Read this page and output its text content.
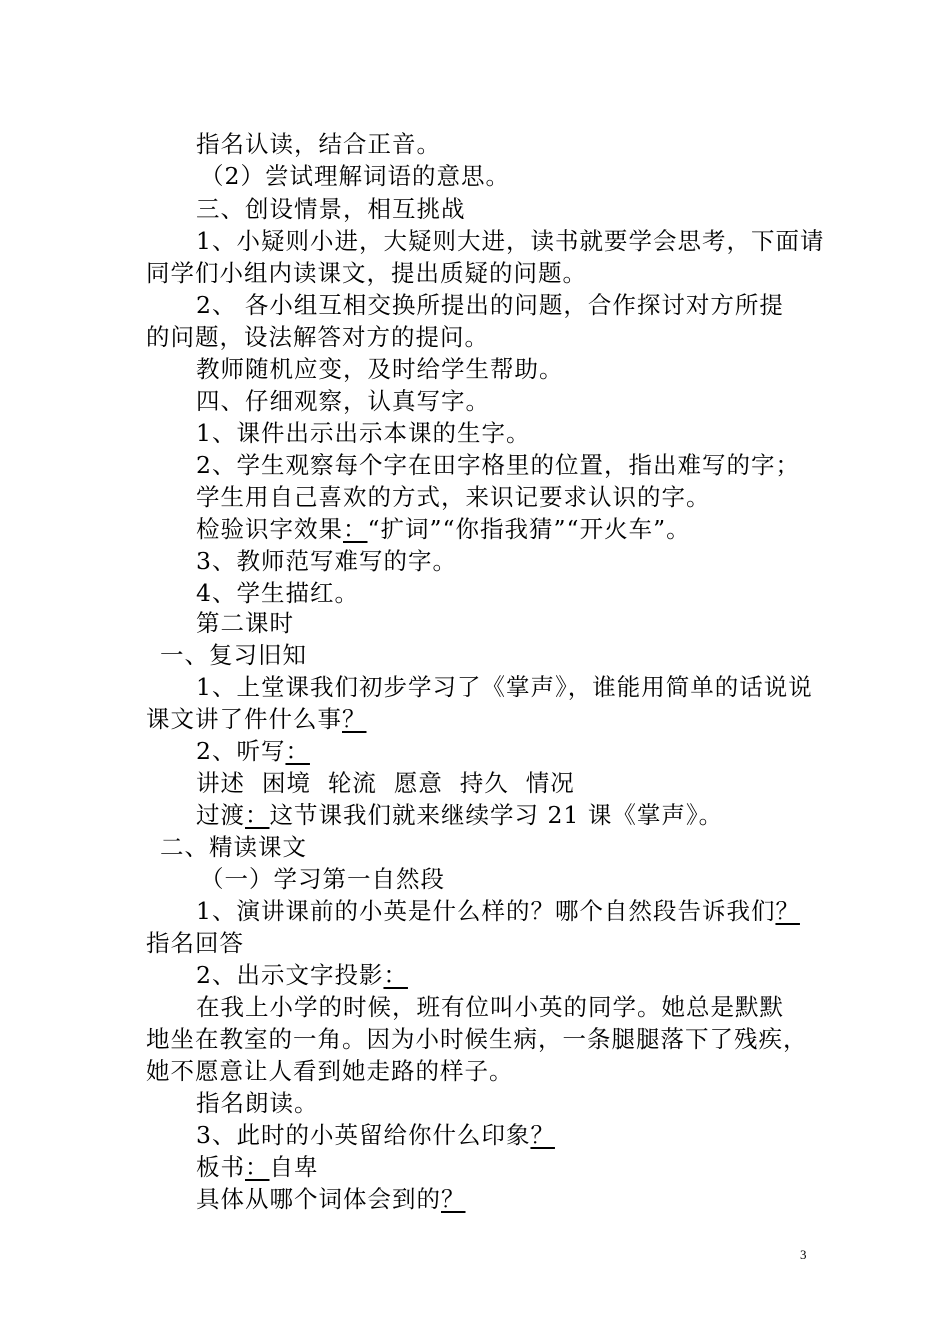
指名认读，结合正音。
（2）尝试理解词语的意思。
三、创设情景，相互挑战
1、小疑则小进，大疑则大进，读书就要学会思考，下面请
同学们小组内读课文，提出质疑的问题。
2、 各小组互相交换所提出的问题，合作探讨对方所提
的问题，设法解答对方的提问。
教师随机应变，及时给学生帮助。
四、仔细观察，认真写字。
1、课件出示出示本课的生字。
2、学生观察每个字在田字格里的位置，指出难写的字；
学生用自己喜欢的方式，来识记要求认识的字。
检验识字效果：“扩词”“你指我猜”“开火车”。
3、教师范写难写的字。
4、学生描红。
第二课时
一、复习旧知
1、上堂课我们初步学习了《掌声》，谁能用简单的话说说
课文讲了件什么事？
2、听写：
讲述  困境  轮流  愿意  持久  情况
过渡：这节课我们就来继续学习 21 课《掌声》。
二、精读课文
（一）学习第一自然段
1、演讲课前的小英是什么样的？哪个自然段告诉我们？
指名回答
2、出示文字投影：
在我上小学的时候，班有位叫小英的同学。她总是默默
地坐在教室的一角。因为小时候生病，一条腿腿落下了残疾，
她不愿意让人看到她走路的样子。
指名朗读。
3、此时的小英留给你什么印象？
板书：自卑
具体从哪个词体会到的？
3
